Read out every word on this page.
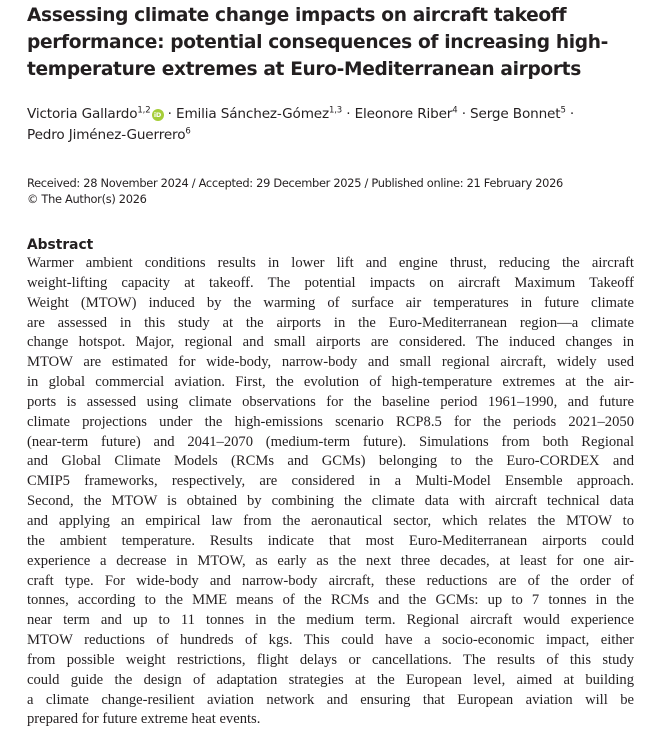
Assessing climate change impacts on aircraft takeoff performance: potential consequences of increasing high-temperature extremes at Euro-Mediterranean airports
Victoria Gallardo$^{1,2}$ iD · Emilia Sánchez-Gómez$^{1,3}$ · Eleonore Riber$^4$ · Serge Bonnet$^5$ ·
Pedro Jiménez-Guerrero$^6$
Received: 28 November 2024 / Accepted: 29 December 2025 / Published online: 21 February 2026
© The Author(s) 2026
Abstract
Warmer ambient conditions results in lower lift and engine thrust, reducing the aircraft
weight-lifting capacity at takeoff. The potential impacts on aircraft Maximum Takeoff
Weight (MTOW) induced by the warming of surface air temperatures in future climate
are assessed in this study at the airports in the Euro-Mediterranean region—a climate
change hotspot. Major, regional and small airports are considered. The induced changes in
MTOW are estimated for wide-body, narrow-body and small regional aircraft, widely used
in global commercial aviation. First, the evolution of high-temperature extremes at the air-
ports is assessed using climate observations for the baseline period 1961–1990, and future
climate projections under the high-emissions scenario RCP8.5 for the periods 2021–2050
(near-term future) and 2041–2070 (medium-term future). Simulations from both Regional
and Global Climate Models (RCMs and GCMs) belonging to the Euro-CORDEX and
CMIP5 frameworks, respectively, are considered in a Multi-Model Ensemble approach.
Second, the MTOW is obtained by combining the climate data with aircraft technical data
and applying an empirical law from the aeronautical sector, which relates the MTOW to
the ambient temperature. Results indicate that most Euro-Mediterranean airports could
experience a decrease in MTOW, as early as the next three decades, at least for one air-
craft type. For wide-body and narrow-body aircraft, these reductions are of the order of
tonnes, according to the MME means of the RCMs and the GCMs: up to 7 tonnes in the
near term and up to 11 tonnes in the medium term. Regional aircraft would experience
MTOW reductions of hundreds of kgs. This could have a socio-economic impact, either
from possible weight restrictions, flight delays or cancellations. The results of this study
could guide the design of adaptation strategies at the European level, aimed at building
a climate change-resilient aviation network and ensuring that European aviation will be
prepared for future extreme heat events.
